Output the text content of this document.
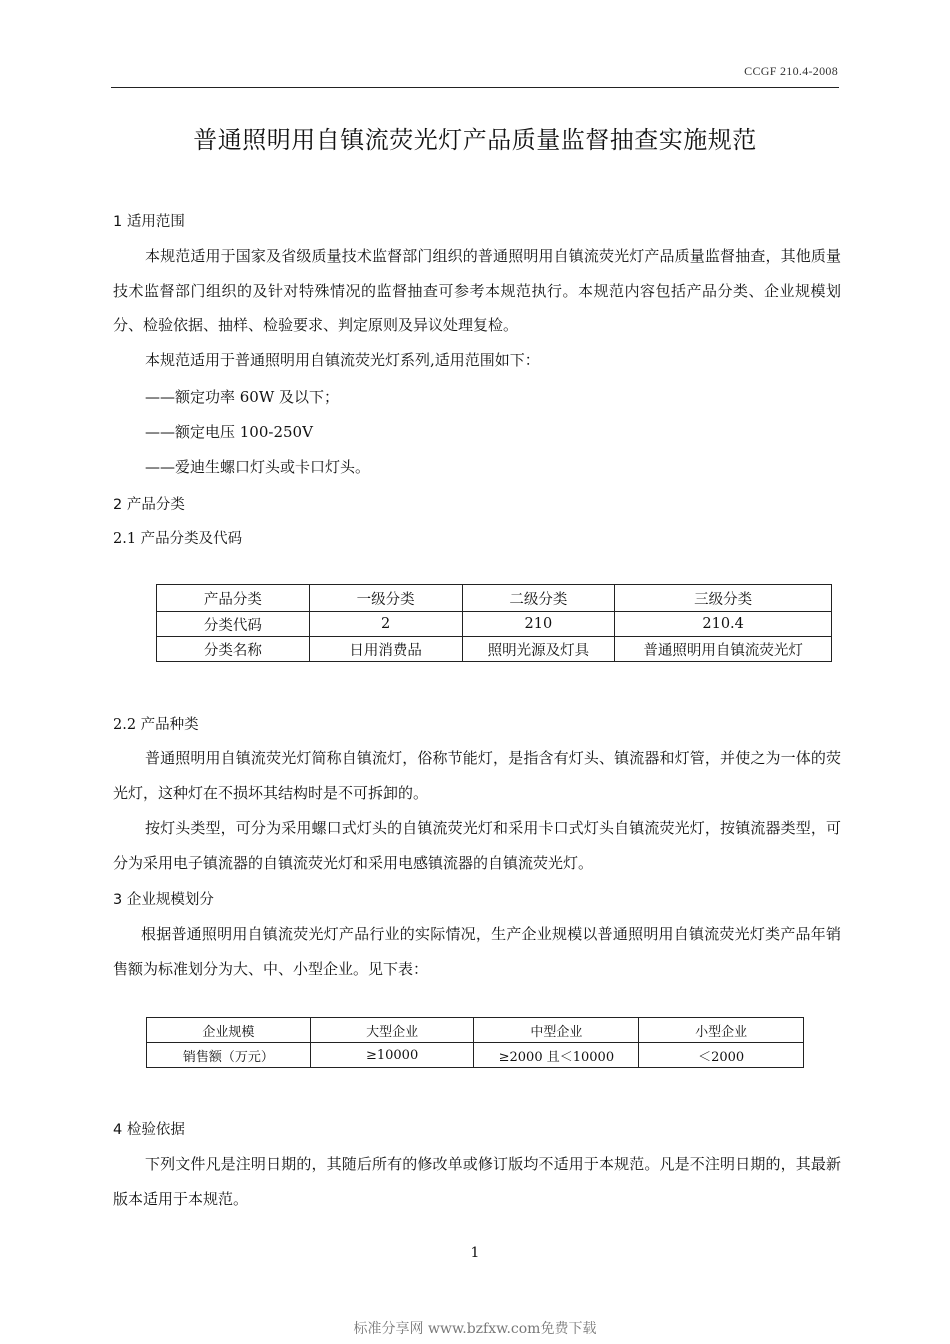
CCGF 210.4-2008
普通照明用自镇流荧光灯产品质量监督抽查实施规范
1 适用范围

本规范适用于国家及省级质量技术监督部门组织的普通照明用自镇流荧光灯产品质量监督抽查，其他质量技术监督部门组织的及针对特殊情况的监督抽查可参考本规范执行。本规范内容包括产品分类、企业规模划分、检验依据、抽样、检验要求、判定原则及异议处理复检。

本规范适用于普通照明用自镇流荧光灯系列,适用范围如下：

——额定功率 60W 及以下；
——额定电压 100-250V
——爱迪生螺口灯头或卡口灯头。
2 产品分类
2.1 产品分类及代码
产品分类	一级分类	二级分类	三级分类
分类代码	2	210	210.4
分类名称	日用消费品	照明光源及灯具	普通照明用自镇流荧光灯
2.2 产品种类

普通照明用自镇流荧光灯简称自镇流灯，俗称节能灯，是指含有灯头、镇流器和灯管，并使之为一体的荧光灯，这种灯在不损坏其结构时是不可拆卸的。

按灯头类型，可分为采用螺口式灯头的自镇流荧光灯和采用卡口式灯头自镇流荧光灯，按镇流器类型，可分为采用电子镇流器的自镇流荧光灯和采用电感镇流器的自镇流荧光灯。

3 企业规模划分

根据普通照明用自镇流荧光灯产品行业的实际情况，生产企业规模以普通照明用自镇流荧光灯类产品年销售额为标准划分为大、中、小型企业。见下表：

企业规模	大型企业	中型企业	小型企业
销售额（万元）	≥10000	≥2000 且＜10000	＜2000
4 检验依据

下列文件凡是注明日期的，其随后所有的修改单或修订版均不适用于本规范。凡是不注明日期的，其最新版本适用于本规范。

1
标准分享网 www.bzfxw.com免费下载
